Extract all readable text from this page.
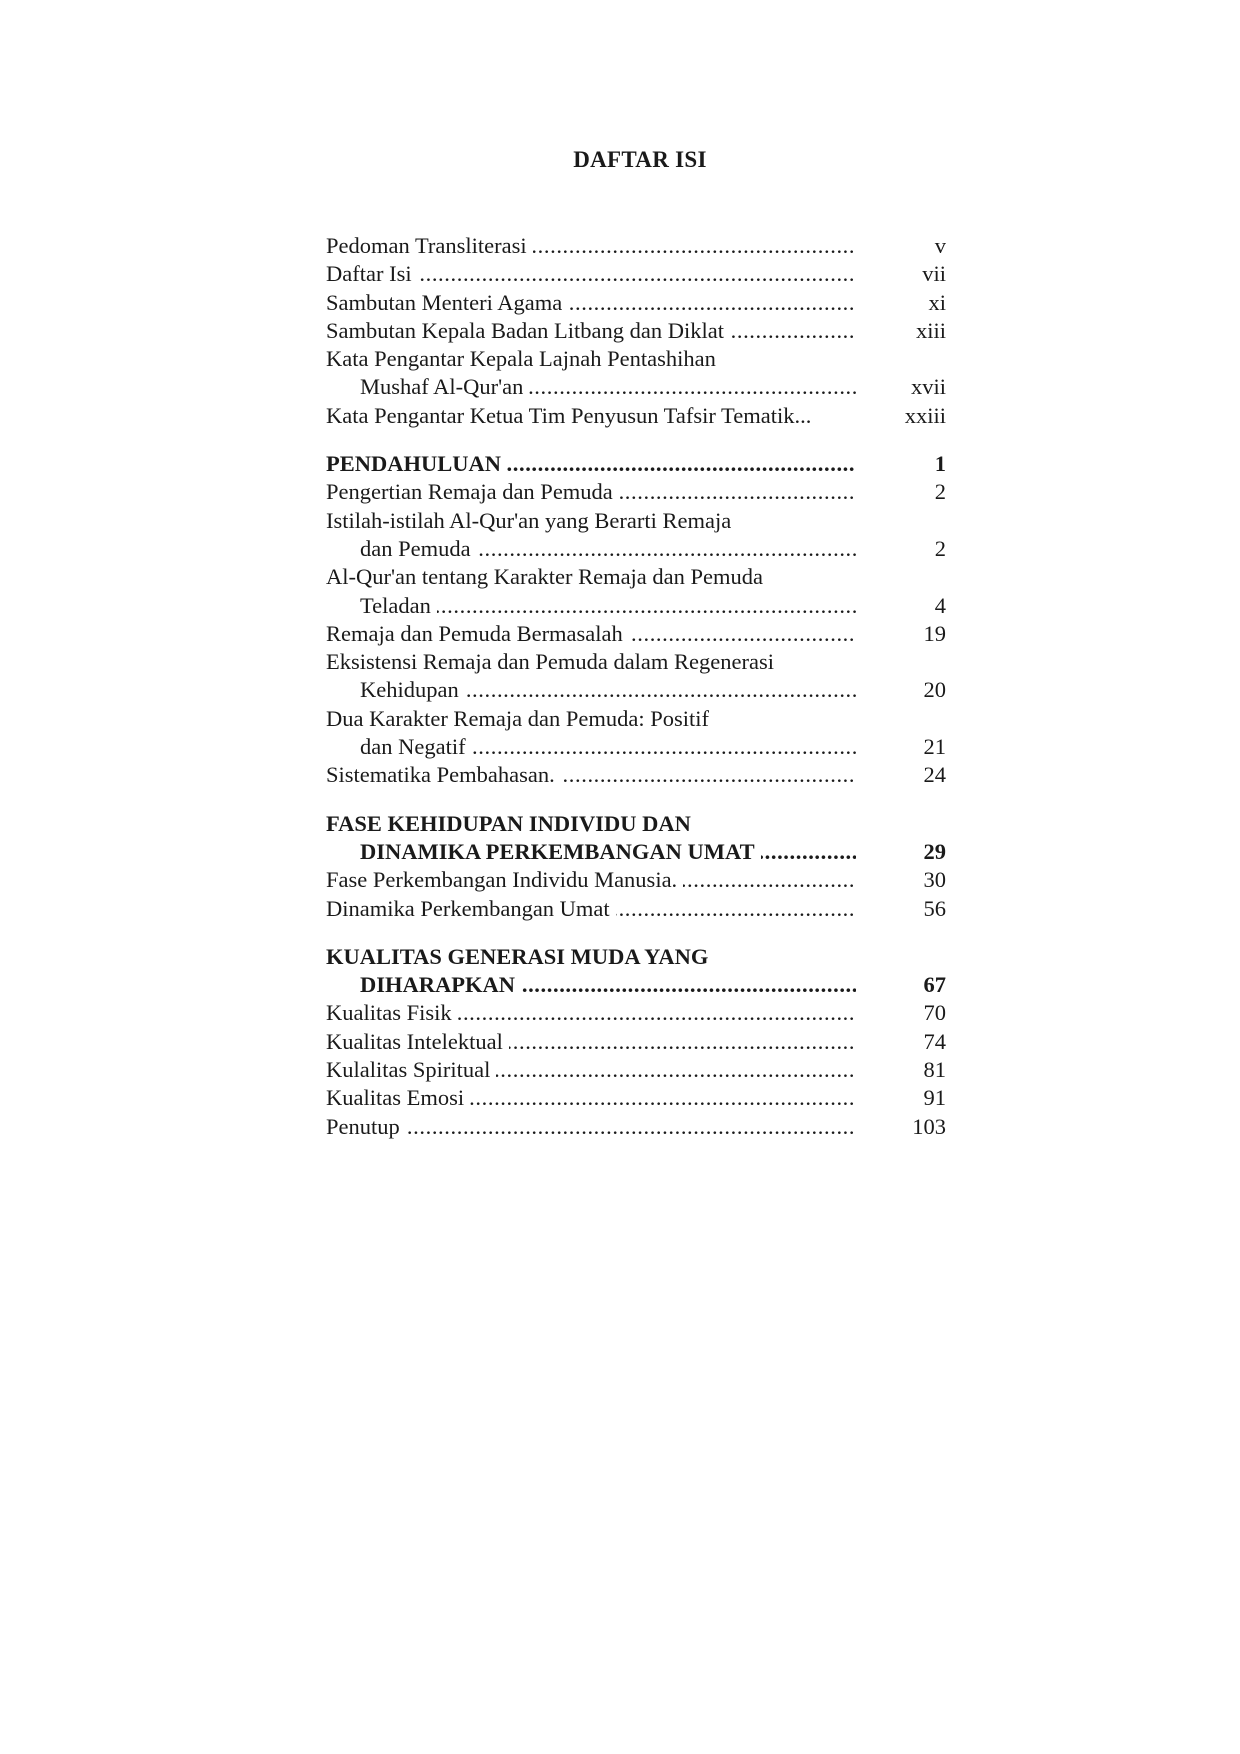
DAFTAR ISI
Pedoman Transliterasi .....	v
Daftar Isi .....	vii
Sambutan Menteri Agama .....	xi
Sambutan Kepala Badan Litbang dan Diklat .....	xiii
Kata Pengantar Kepala Lajnah Pentashihan
Mushaf Al-Qur'an .....	xvii
Kata Pengantar Ketua Tim Penyusun Tafsir Tematik...	xxiii
PENDAHULUAN .....	1
Pengertian Remaja dan Pemuda .....	2
Istilah-istilah Al-Qur'an yang Berarti Remaja
dan Pemuda .....	2
Al-Qur'an tentang Karakter Remaja dan Pemuda
Teladan .....	4
Remaja dan Pemuda Bermasalah .....	19
Eksistensi Remaja dan Pemuda dalam Regenerasi
Kehidupan .....	20
Dua Karakter Remaja dan Pemuda: Positif
dan Negatif .....	21
Sistematika Pembahasan. .....	24
FASE KEHIDUPAN INDIVIDU DAN
DINAMIKA PERKEMBANGAN UMAT .....	29
Fase Perkembangan Individu Manusia. .....	30
Dinamika Perkembangan Umat .....	56
KUALITAS GENERASI MUDA YANG
DIHARAPKAN .....	67
Kualitas Fisik .....	70
Kualitas Intelektual .....	74
Kulalitas Spiritual .....	81
Kualitas Emosi .....	91
Penutup .....	103
